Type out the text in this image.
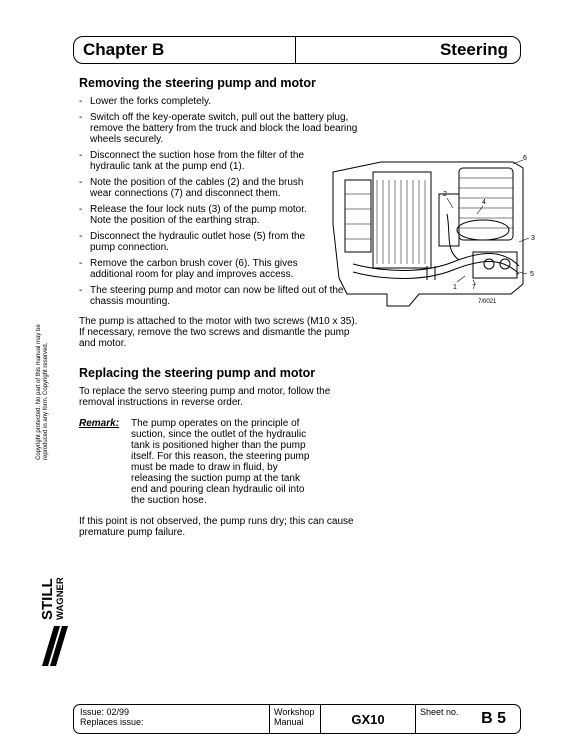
Chapter B	Steering
Removing the steering pump and motor
- Lower the forks completely.
- Switch off the key-operate switch, pull out the battery plug, remove the battery from the truck and block the load bearing wheels securely.
- Disconnect the suction hose from the filter of the hydraulic tank at the pump end (1).
- Note the position of the cables (2) and the brush wear connections (7) and disconnect them.
- Release the four lock nuts (3) of the pump motor. Note the position of the earthing strap.
- Disconnect the hydraulic outlet hose (5) from the pump connection.
- Remove the carbon brush cover (6). This gives additional room for play and improves access.
- The steering pump and motor can now be lifted out of the chassis mounting.

The pump is attached to the motor with two screws (M10 x 35). If necessary, remove the two screws and dismantle the pump and motor.

Replacing the steering pump and motor

To replace the servo steering pump and motor, follow the removal instructions in reverse order.

Remark:	The pump operates on the principle of suction, since the outlet of the hydraulic tank is positioned higher than the pump itself. For this reason, the steering pump must be made to draw in fluid, by releasing the suction pump at the tank end and pouring clean hydraulic oil into the suction hose.

If this point is not observed, the pump runs dry; this can cause premature pump failure.

2
4
1 7
3
5
6
7/0021
Copyright protected. No part of this manual may be reproduced in any form. Copyright reserved.
STILL WAGNER
Issue: 02/99
Replaces issue:
Workshop
Manual	GX10	Sheet no.	B 5
